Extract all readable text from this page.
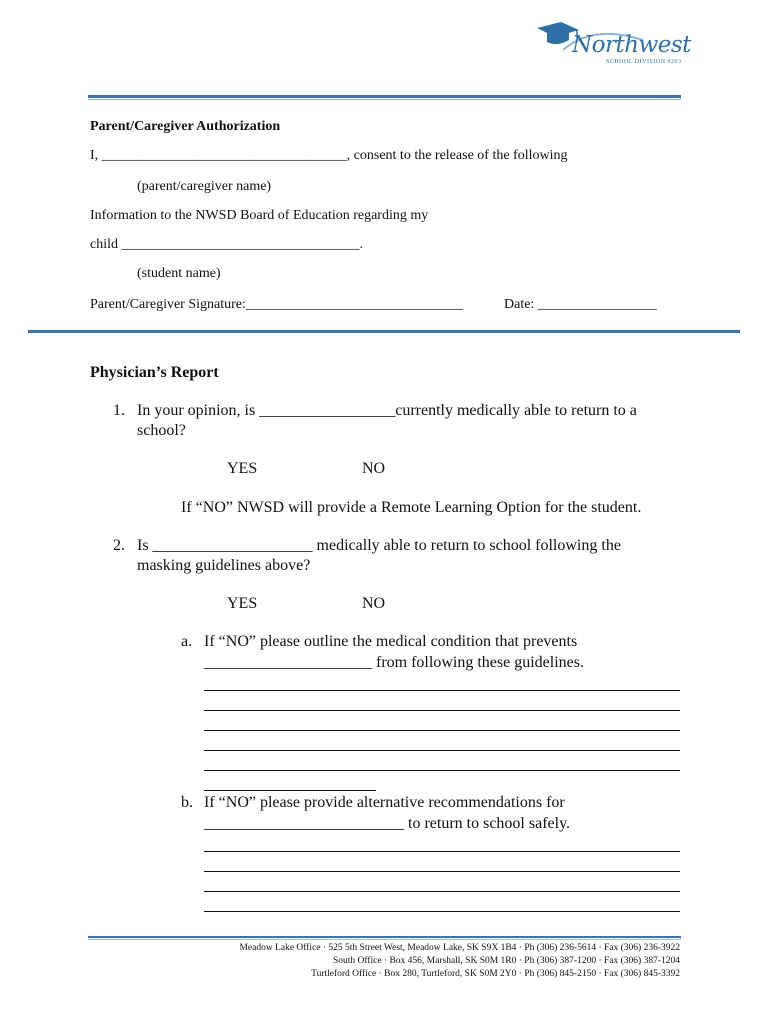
Northwest
SCHOOL DIVISION #203
Parent/Caregiver Authorization
I, ___________________________________, consent to the release of the following
(parent/caregiver name)
Information to the NWSD Board of Education regarding my
child __________________________________.
(student name)
Parent/Caregiver Signature:_______________________________	Date: _________________
Physician’s Report
1. In your opinion, is _________________currently medically able to return to a
school?
YES	NO
If “NO” NWSD will provide a Remote Learning Option for the student.
2. Is ____________________ medically able to return to school following the
masking guidelines above?
YES	NO
a. If “NO” please outline the medical condition that prevents
_____________________ from following these guidelines.
b. If “NO” please provide alternative recommendations for
_________________________ to return to school safely.
Meadow Lake Office · 525 5th Street West, Meadow Lake, SK S9X 1B4 · Ph (306) 236-5614 · Fax (306) 236-3922
South Office · Box 456, Marshall, SK S0M 1R0 · Ph (306) 387-1200 · Fax (306) 387-1204
Turtleford Office · Box 280, Turtleford, SK S0M 2Y0 · Ph (306) 845-2150 · Fax (306) 845-3392
